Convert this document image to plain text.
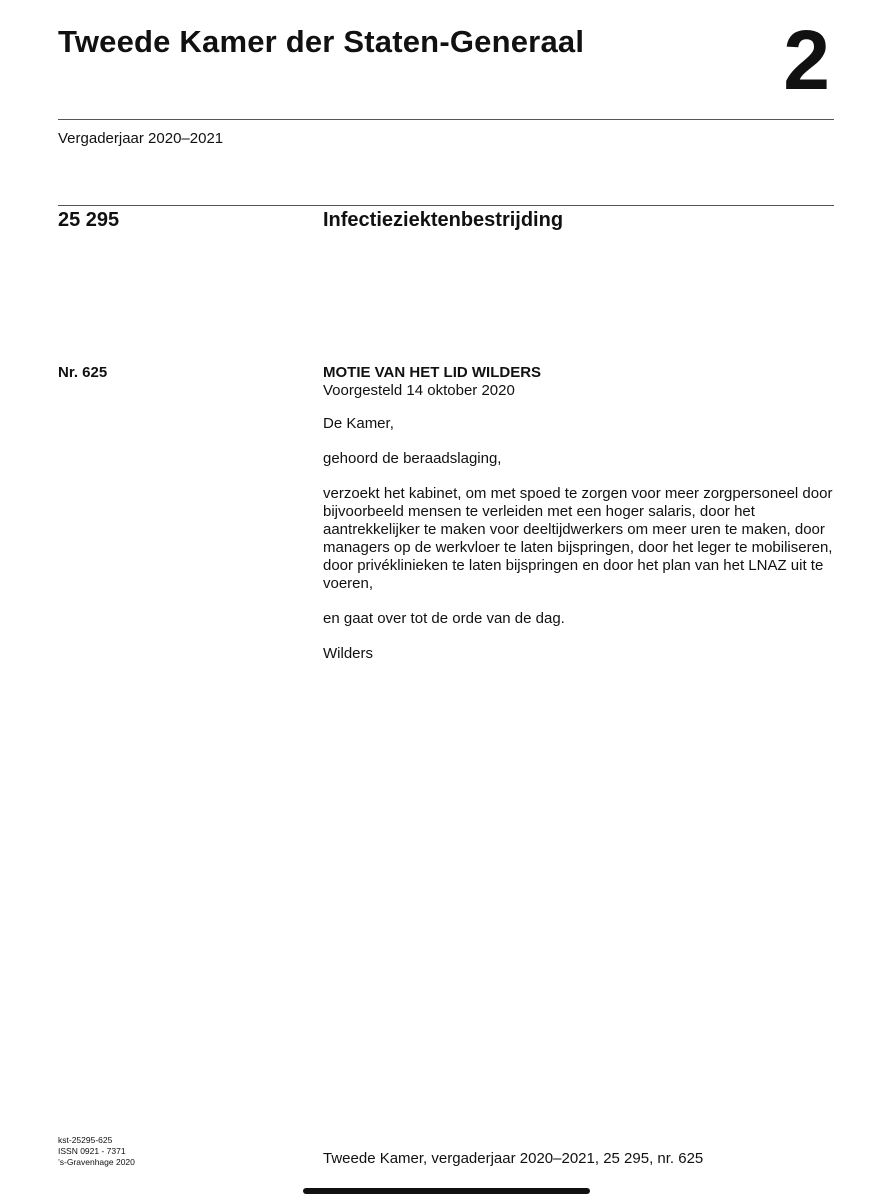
Tweede Kamer der Staten-Generaal 2
Vergaderjaar 2020–2021
25 295	Infectieziektenbestrijding
Nr. 625	MOTIE VAN HET LID WILDERS
Voorgesteld 14 oktober 2020

De Kamer,

gehoord de beraadslaging,

verzoekt het kabinet, om met spoed te zorgen voor meer zorgpersoneel door bijvoorbeeld mensen te verleiden met een hoger salaris, door het aantrekkelijker te maken voor deeltijdwerkers om meer uren te maken, door managers op de werkvloer te laten bijspringen, door het leger te mobiliseren, door privéklinieken te laten bijspringen en door het plan van het LNAZ uit te voeren,

en gaat over tot de orde van de dag.

Wilders

kst-25295-625
ISSN 0921 - 7371
’s-Gravenhage 2020	Tweede Kamer, vergaderjaar 2020–2021, 25 295, nr. 625
